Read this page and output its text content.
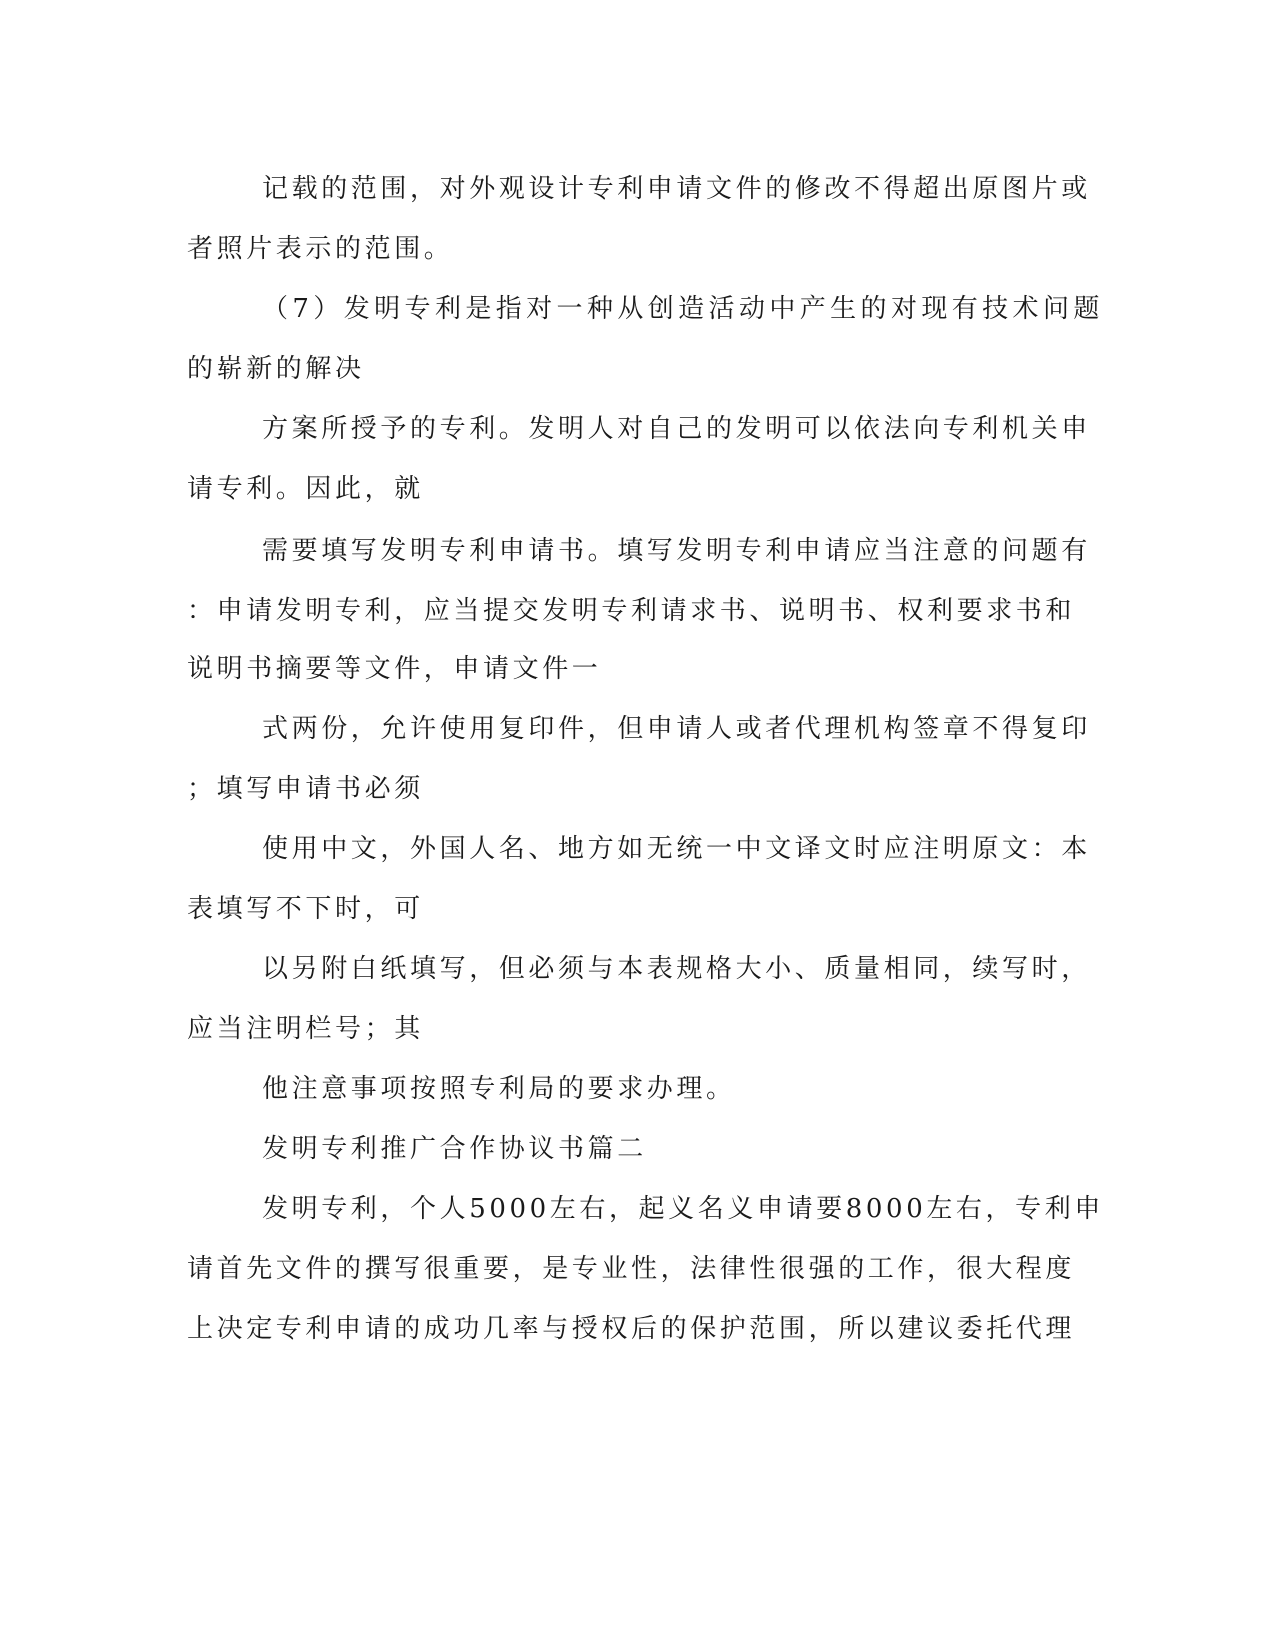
记载的范围，对外观设计专利申请文件的修改不得超出原图片或
者照片表示的范围。
（7）发明专利是指对一种从创造活动中产生的对现有技术问题
的崭新的解决
方案所授予的专利。发明人对自己的发明可以依法向专利机关申
请专利。因此，就
需要填写发明专利申请书。填写发明专利申请应当注意的问题有
：申请发明专利，应当提交发明专利请求书、说明书、权利要求书和
说明书摘要等文件，申请文件一
式两份，允许使用复印件，但申请人或者代理机构签章不得复印
；填写申请书必须
使用中文，外国人名、地方如无统一中文译文时应注明原文：本
表填写不下时，可
以另附白纸填写，但必须与本表规格大小、质量相同，续写时，
应当注明栏号；其
他注意事项按照专利局的要求办理。
发明专利推广合作协议书篇二
发明专利，个人5000左右，起义名义申请要8000左右，专利申
请首先文件的撰写很重要，是专业性，法律性很强的工作，很大程度
上决定专利申请的成功几率与授权后的保护范围，所以建议委托代理
